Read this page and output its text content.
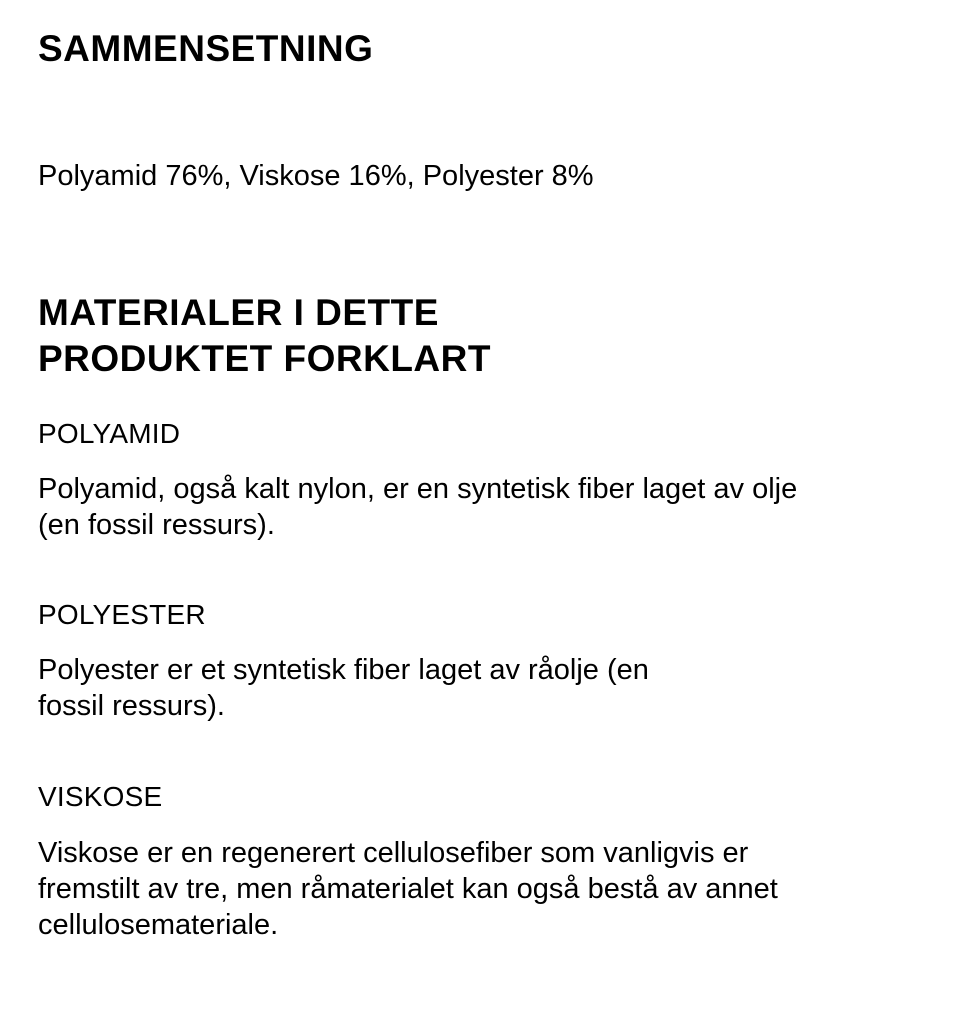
SAMMENSETNING

Polyamid 76%, Viskose 16%, Polyester 8%

MATERIALER I DETTE
PRODUKTET FORKLART
POLYAMID

Polyamid, også kalt nylon, er en syntetisk fiber laget av olje
(en fossil ressurs).

POLYESTER

Polyester er et syntetisk fiber laget av råolje (en
fossil ressurs).

VISKOSE

Viskose er en regenerert cellulosefiber som vanligvis er
fremstilt av tre, men råmaterialet kan også bestå av annet
cellulosemateriale.
